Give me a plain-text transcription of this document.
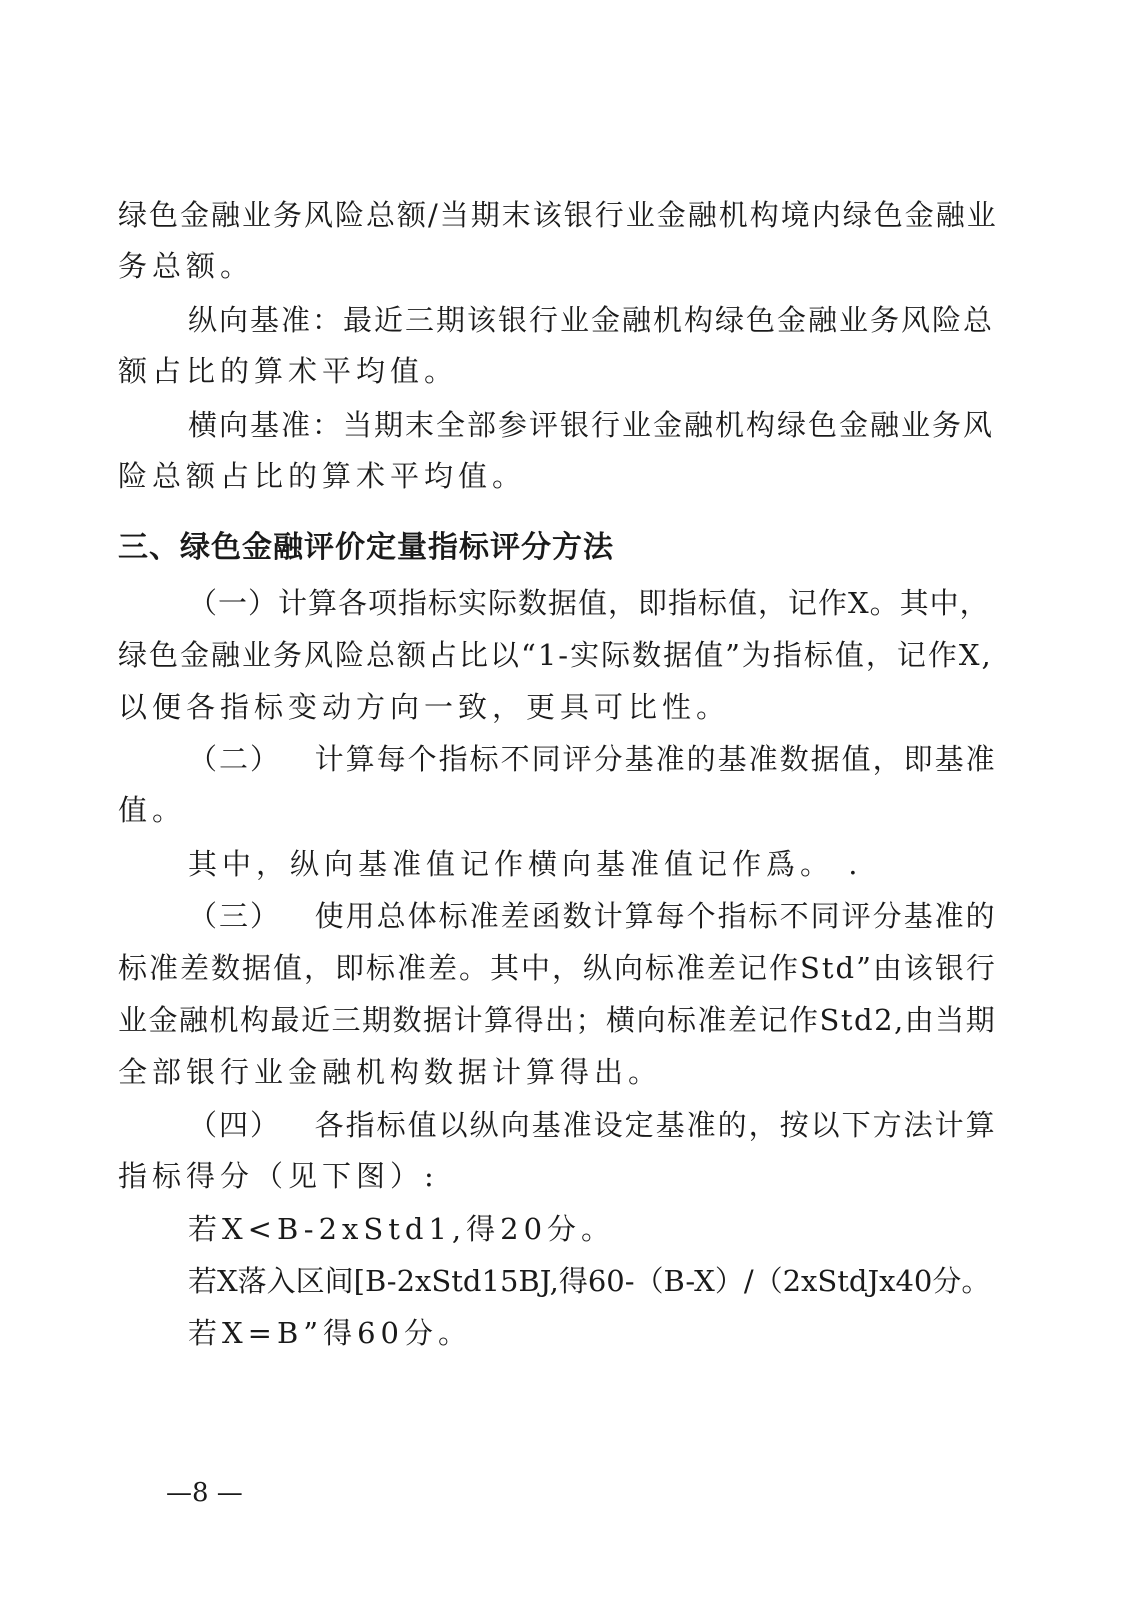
绿色金融业务风险总额/当期末该银行业金融机构境内绿色金融业
务总额。
纵向基准：最近三期该银行业金融机构绿色金融业务风险总
额占比的算术平均值。
横向基准：当期末全部参评银行业金融机构绿色金融业务风
险总额占比的算术平均值。
三、绿色金融评价定量指标评分方法
（一）计算各项指标实际数据值，即指标值，记作X。其中，
绿色金融业务风险总额占比以“1-实际数据值”为指标值，记作X,
以便各指标变动方向一致，更具可比性。
（二）   计算每个指标不同评分基准的基准数据值，即基准
值。
其中，纵向基准值记作横向基准值记作爲。 .
（三）   使用总体标准差函数计算每个指标不同评分基准的
标准差数据值，即标准差。其中，纵向标准差记作Std”由该银行
业金融机构最近三期数据计算得出；横向标准差记作Std2,由当期
全部银行业金融机构数据计算得出。
（四）   各指标值以纵向基准设定基准的，按以下方法计算
指标得分（见下图）:
若X<B-2xStd1,得20分。
若X落入区间[B-2xStd15BJ,得60-（B-X）/（2xStdJx40分。
若X=B”得60分。
—8 —
